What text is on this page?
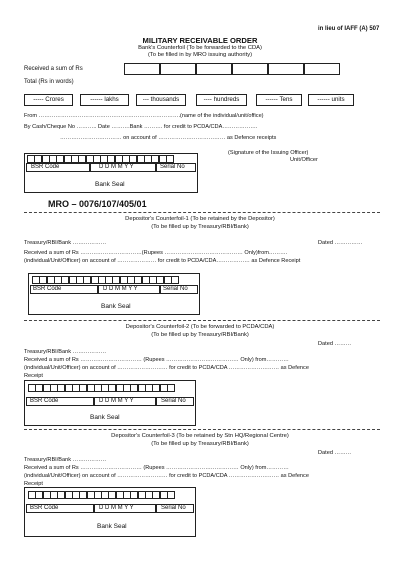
in lieu of IAFF (A) 507
MILITARY RECEIVABLE ORDER
Bank's Counterfoil (To be forwarded to the CDA)
(To be filled in by MRO issuing authority)
Received a sum of Rs
Total (Rs in words)
----- Crores	------ lakhs	--- thousands	---- hundreds	------ Tens	------ units
From ………………………………………………………………….(name of the individual/unit/office)
By Cash/Cheque No ……….. Date ……….Bank ………. for credit to PCDA/CDA……………….
…………………………… on account of ……………………………… as Defence receipts
(Signature of the Issuing Officer)
Unit/Officer
BSR Code	D D M M Y Y	Serial No
Bank Seal
MRO – 0076/107/405/01
Depositor's Counterfoil-1 (To be retained by the Depositor)
(To be filled up by Treasury/RBI/Bank)
Treasury/RBI/Bank ………………	Dated ……………
Received a sum of Rs ……………………………(Rupees …………………………………… Only)from……….
(individual/Unit/Officer) on account of ………………… for credit to PCDA/CDA……………… as Defence Receipt
BSR Code	D D M M Y Y	Serial No
Bank Seal
Depositor's Counterfoil-2 (To be forwarded to PCDA/CDA)
(To be filled up by Treasury/RBI/Bank)
Dated ………
Treasury/RBI/Bank ………………
Received a sum of Rs …………………………… (Rupees ………………………………… Only) from…………
(individual/Unit/Officer) on account of ……………………… for credit to PCDA/CDA ……………………… as Defence
Receipt
BSR Code	D D M M Y Y	Serial No
Bank Seal
Depositor's Counterfoil-3 (To be retained by Stn HQ/Regional Centre)
(To be filled up by Treasury/RBI/Bank)
Dated ………
Treasury/RBI/Bank ………………
Received a sum of Rs …………………………… (Rupees ………………………………… Only) from…………
(individual/Unit/Officer) on account of ……………………… for credit to PCDA/CDA ……………………… as Defence
Receipt
BSR Code	D D M M Y Y	Serial No
Bank Seal
